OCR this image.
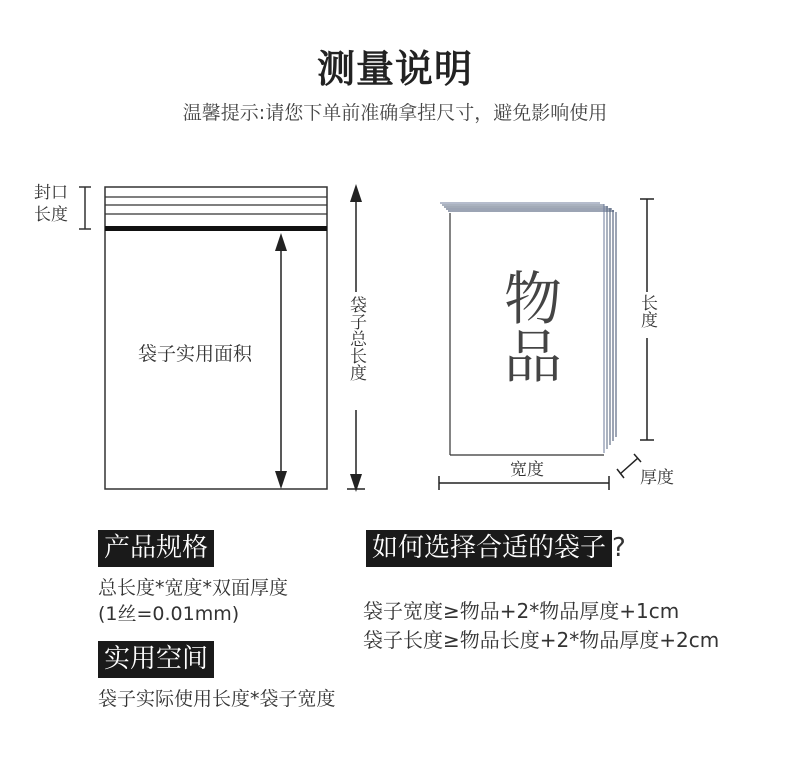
测量说明
温馨提示:请您下单前准确拿捏尺寸，避免影响使用
封口
长度
袋子实用面积	袋子总长度 物
品
长度
宽度	厚度
产品规格
总长度*宽度*双面厚度
(1丝=0.01mm)
实用空间
袋子实际使用长度*袋子宽度
如何选择合适的袋子 ?
袋子宽度≥物品+2*物品厚度+1cm
袋子长度≥物品长度+2*物品厚度+2cm
